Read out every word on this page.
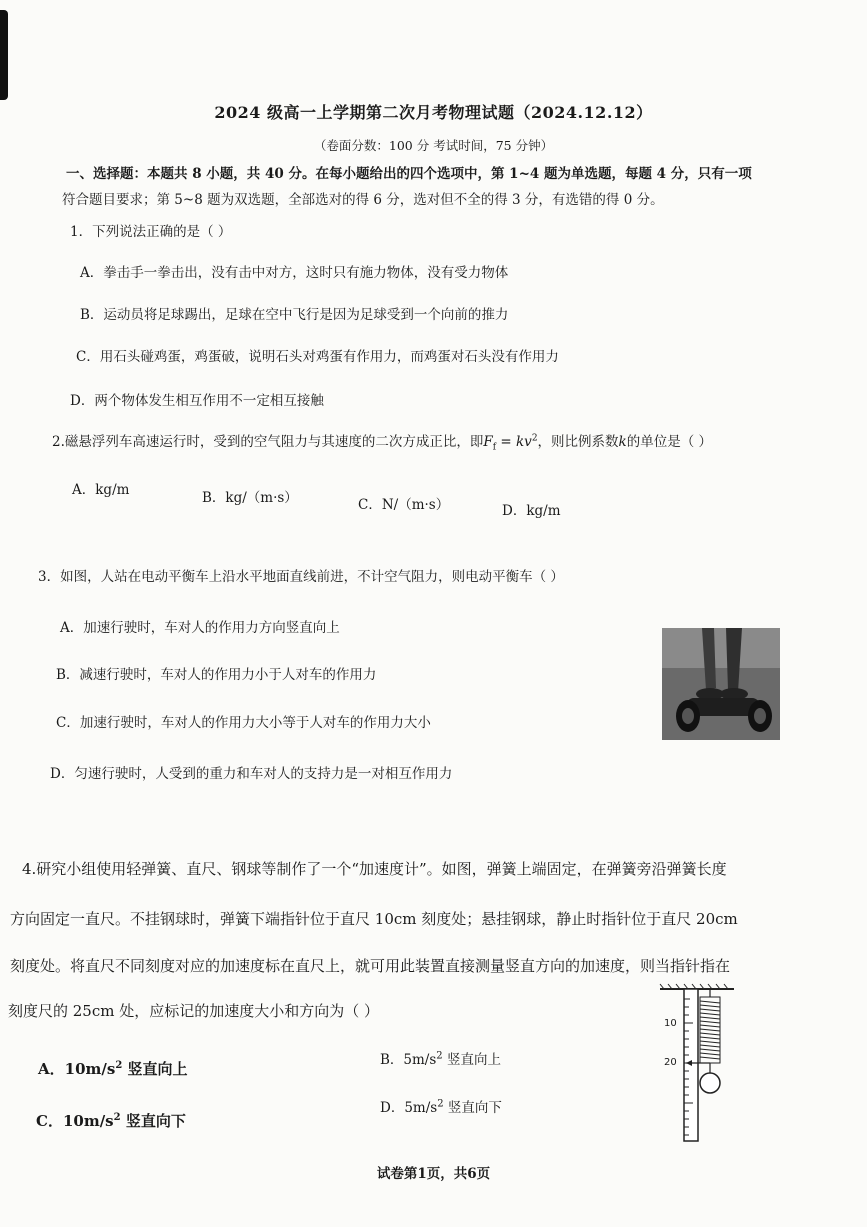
2024 级高一上学期第二次月考物理试题（2024.12.12）
（卷面分数：100 分 考试时间，75 分钟）
一、选择题：本题共 8 小题，共 40 分。在每小题给出的四个选项中，第 1~4 题为单选题，每题 4 分，只有一项
符合题目要求；第 5~8 题为双选题，全部选对的得 6 分，选对但不全的得 3 分，有选错的得 0 分。
1．下列说法正确的是（ ）
A．拳击手一拳击出，没有击中对方，这时只有施力物体，没有受力物体
B．运动员将足球踢出，足球在空中飞行是因为足球受到一个向前的推力
C．用石头碰鸡蛋，鸡蛋破，说明石头对鸡蛋有作用力，而鸡蛋对石头没有作用力
D．两个物体发生相互作用不一定相互接触
2.磁悬浮列车高速运行时，受到的空气阻力与其速度的二次方成正比，即$F_f = kv^2$，则比例系数k的单位是（ ）
A．kg/m	B．kg/（m·s）	C．N/（m·s）	D．kg/m
3．如图，人站在电动平衡车上沿水平地面直线前进，不计空气阻力，则电动平衡车（ ）
A．加速行驶时，车对人的作用力方向竖直向上
B．减速行驶时，车对人的作用力小于人对车的作用力
C．加速行驶时，车对人的作用力大小等于人对车的作用力大小
D．匀速行驶时，人受到的重力和车对人的支持力是一对相互作用力
4.研究小组使用轻弹簧、直尺、钢球等制作了一个“加速度计”。如图，弹簧上端固定，在弹簧旁沿弹簧长度
方向固定一直尺。不挂钢球时，弹簧下端指针位于直尺 10cm 刻度处；悬挂钢球，静止时指针位于直尺 20cm
刻度处。将直尺不同刻度对应的加速度标在直尺上，就可用此装置直接测量竖直方向的加速度，则当指针指在
刻度尺的 25cm 处，应标记的加速度大小和方向为（ ）
A．$10m/s^2$ 竖直向上	B．$5m/s^2$ 竖直向上
C．$10m/s^2$ 竖直向下
D．$5m/s^2$ 竖直向下
10
20
试卷第1页，共6页
